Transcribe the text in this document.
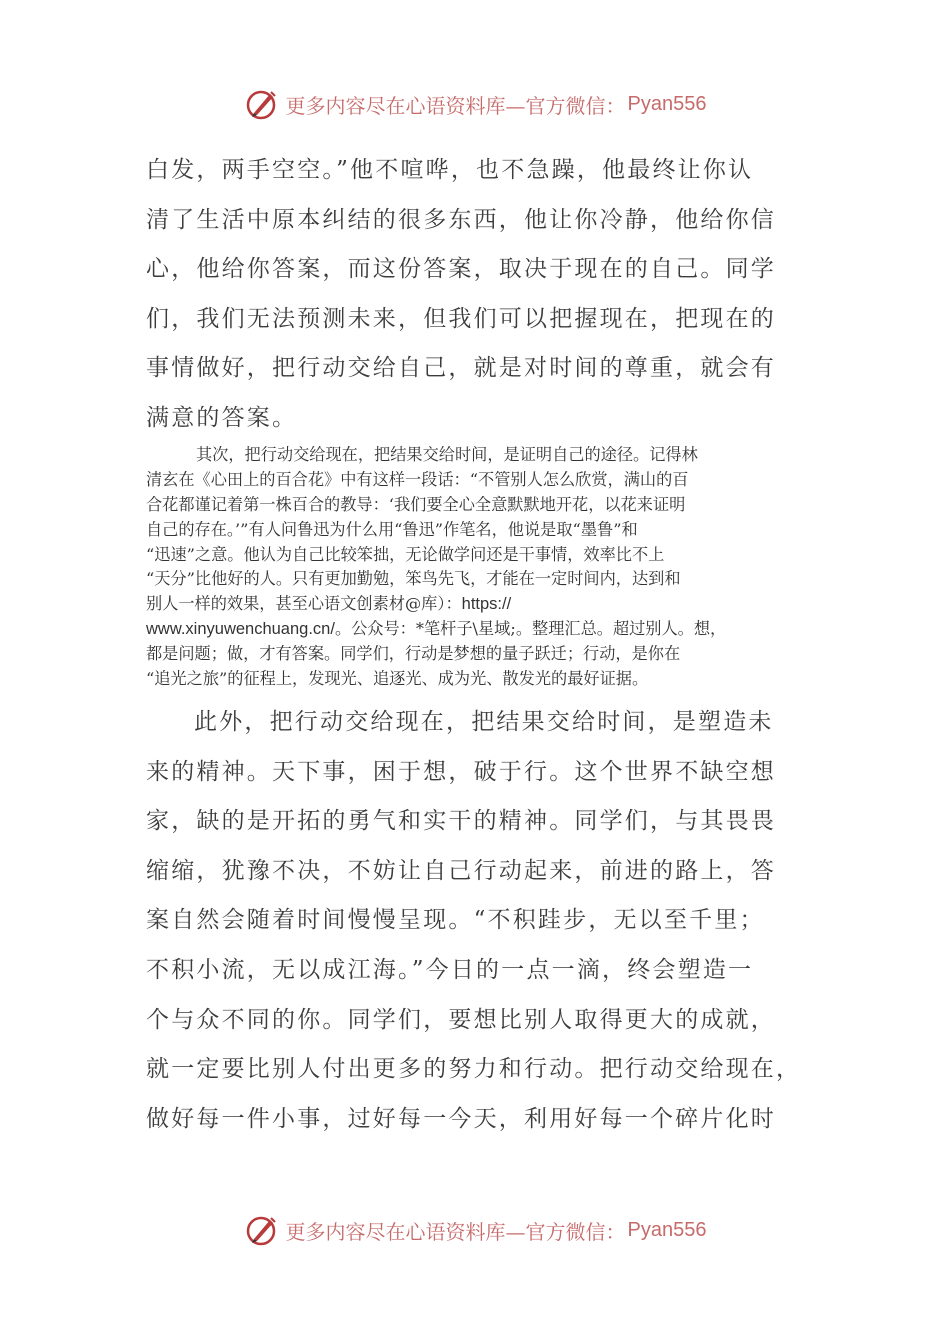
更多内容尽在心语资料库—官方微信： Pyan556
白发，两手空空。”他不喧哗，也不急躁，他最终让你认
清了生活中原本纠结的很多东西，他让你冷静，他给你信
心，他给你答案，而这份答案，取决于现在的自己。同学
们，我们无法预测未来，但我们可以把握现在，把现在的
事情做好，把行动交给自己，就是对时间的尊重，就会有
满意的答案。
其次，把行动交给现在，把结果交给时间，是证明自己的途径。记得林
清玄在《心田上的百合花》中有这样一段话：“不管别人怎么欣赏，满山的百
合花都谨记着第一株百合的教导：‘我们要全心全意默默地开花，以花来证明
自己的存在。’”有人问鲁迅为什么用“鲁迅”作笔名，他说是取“墨鲁”和
“迅速”之意。他认为自己比较笨拙，无论做学问还是干事情，效率比不上
“天分”比他好的人。只有更加勤勉，笨鸟先飞，才能在一定时间内，达到和
别人一样的效果，甚至心语文创素材@库）：https://
www.xinyuwenchuang.cn/。公众号：*笔杆子\星域;。整理汇总。超过别人。想，
都是问题；做，才有答案。同学们，行动是梦想的量子跃迁；行动，是你在
“追光之旅”的征程上，发现光、追逐光、成为光、散发光的最好证据。
此外，把行动交给现在，把结果交给时间，是塑造未
来的精神。天下事，困于想，破于行。这个世界不缺空想
家，缺的是开拓的勇气和实干的精神。同学们，与其畏畏
缩缩，犹豫不决，不妨让自己行动起来，前进的路上，答
案自然会随着时间慢慢呈现。“不积跬步，无以至千里；
不积小流，无以成江海。”今日的一点一滴，终会塑造一
个与众不同的你。同学们，要想比别人取得更大的成就，
就一定要比别人付出更多的努力和行动。把行动交给现在，
做好每一件小事，过好每一今天，利用好每一个碎片化时
更多内容尽在心语资料库—官方微信： Pyan556
